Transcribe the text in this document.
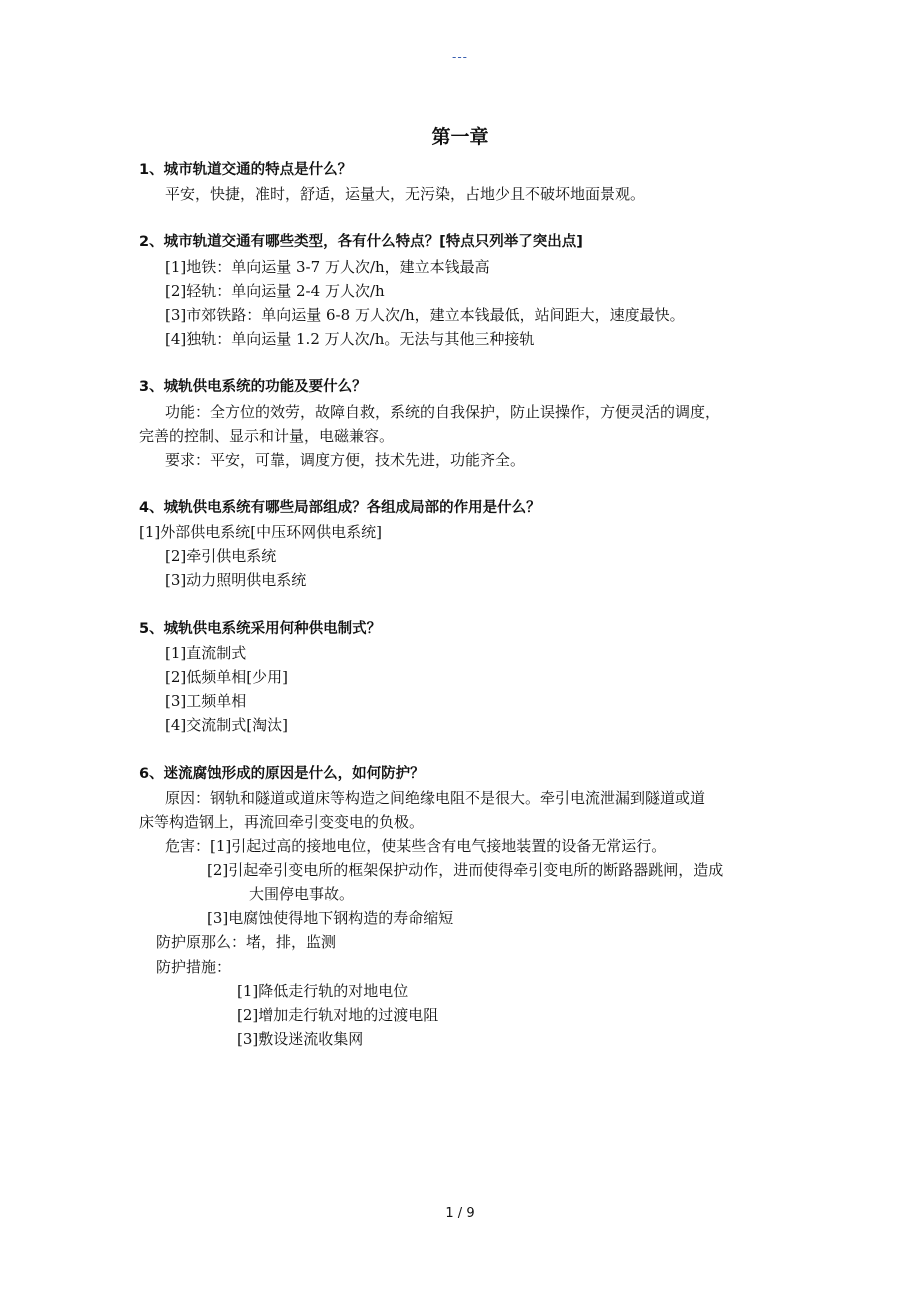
---
第一章
1、城市轨道交通的特点是什么？
平安，快捷，准时，舒适，运量大，无污染，占地少且不破坏地面景观。
2、城市轨道交通有哪些类型，各有什么特点？[特点只列举了突出点]
[1]地铁：单向运量 3-7 万人次/h，建立本钱最高
[2]轻轨：单向运量 2-4 万人次/h
[3]市郊铁路：单向运量 6-8 万人次/h，建立本钱最低，站间距大，速度最快。
[4]独轨：单向运量 1.2 万人次/h。无法与其他三种接轨
3、城轨供电系统的功能及要什么？
功能：全方位的效劳，故障自救，系统的自我保护，防止误操作，方便灵活的调度，
完善的控制、显示和计量，电磁兼容。
要求：平安，可靠，调度方便，技术先进，功能齐全。
4、城轨供电系统有哪些局部组成？各组成局部的作用是什么？
[1]外部供电系统[中压环网供电系统]
[2]牵引供电系统
[3]动力照明供电系统
5、城轨供电系统采用何种供电制式？
[1]直流制式
[2]低频单相[少用]
[3]工频单相
[4]交流制式[淘汰]
6、迷流腐蚀形成的原因是什么，如何防护？
原因：钢轨和隧道或道床等构造之间绝缘电阻不是很大。牵引电流泄漏到隧道或道
床等构造钢上，再流回牵引变变电的负极。
危害：[1]引起过高的接地电位，使某些含有电气接地装置的设备无常运行。
[2]引起牵引变电所的框架保护动作，进而使得牵引变电所的断路器跳闸，造成
大围停电事故。
[3]电腐蚀使得地下钢构造的寿命缩短
防护原那么：堵，排，监测
防护措施：
[1]降低走行轨的对地电位
[2]增加走行轨对地的过渡电阻
[3]敷设迷流收集网
1 / 9
